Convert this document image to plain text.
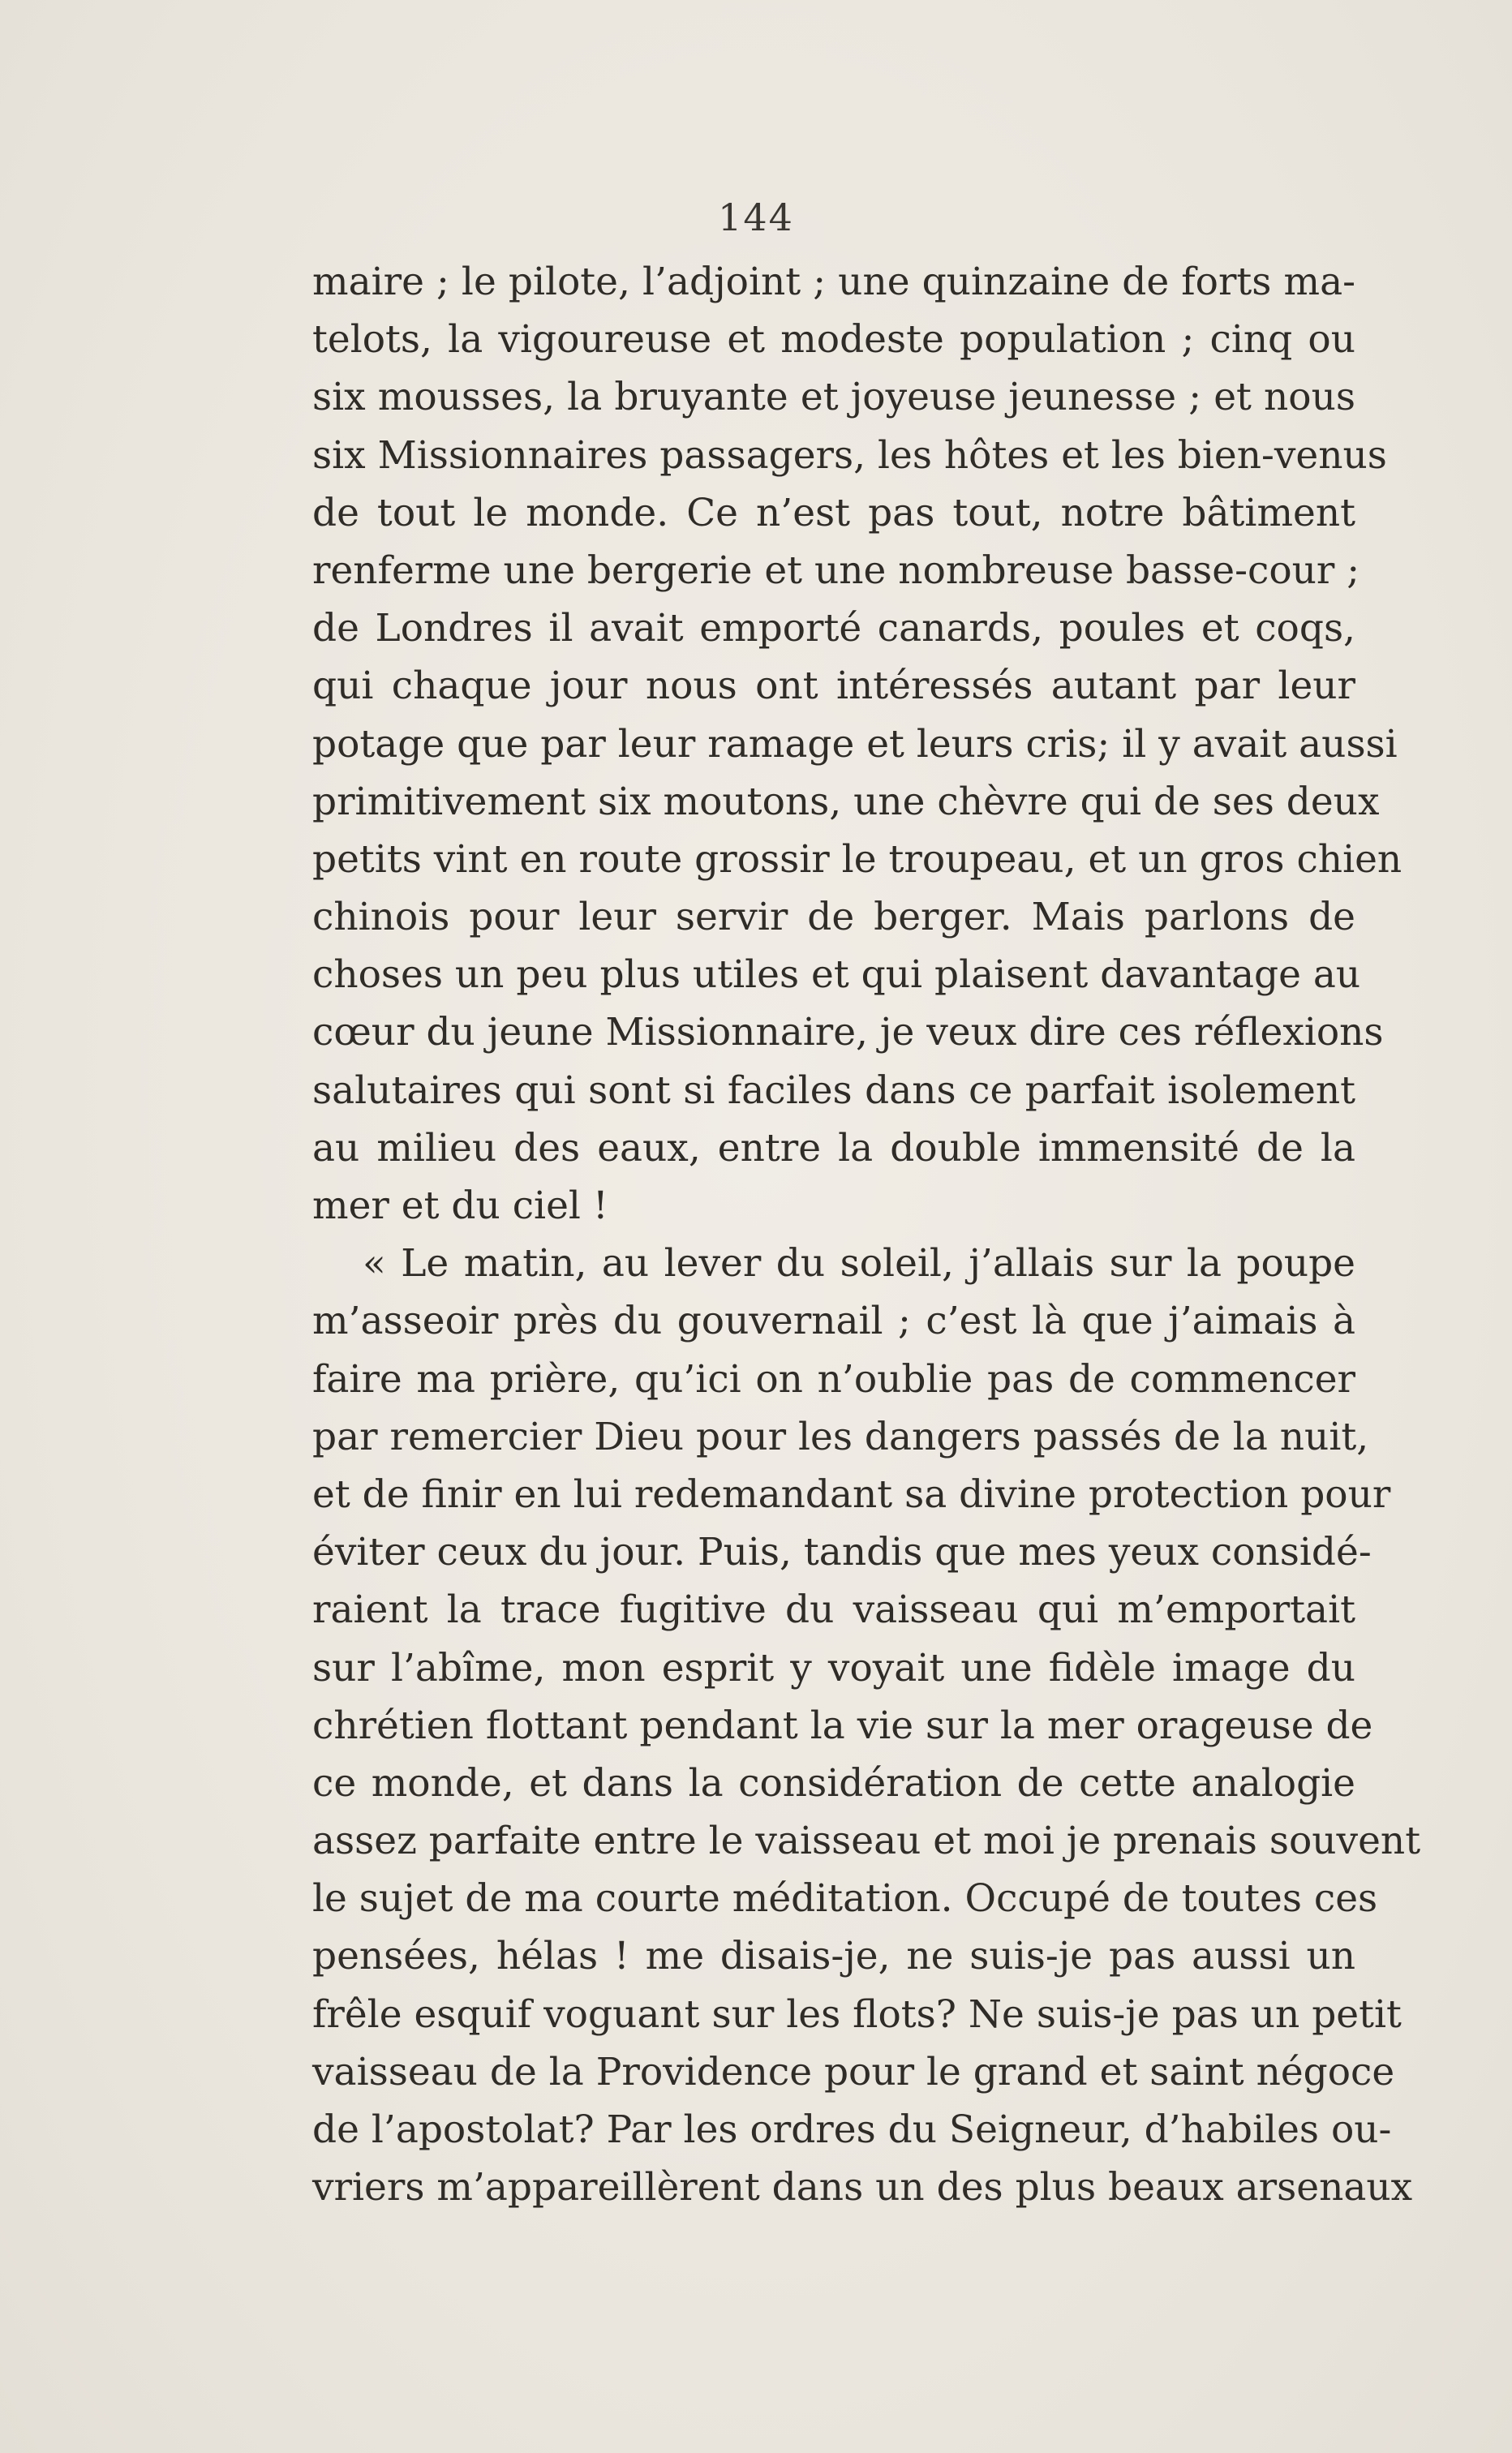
144
maire ; le pilote, l’adjoint ; une quinzaine de forts ma-
telots, la vigoureuse et modeste population ; cinq ou
six mousses, la bruyante et joyeuse jeunesse ; et nous
six Missionnaires passagers, les hôtes et les bien-venus
de tout le monde. Ce n’est pas tout, notre bâtiment
renferme une bergerie et une nombreuse basse-cour ;
de Londres il avait emporté canards, poules et coqs,
qui chaque jour nous ont intéressés autant par leur
potage que par leur ramage et leurs cris; il y avait aussi
primitivement six moutons, une chèvre qui de ses deux
petits vint en route grossir le troupeau, et un gros chien
chinois pour leur servir de berger. Mais parlons de
choses un peu plus utiles et qui plaisent davantage au
cœur du jeune Missionnaire, je veux dire ces réflexions
salutaires qui sont si faciles dans ce parfait isolement
au milieu des eaux, entre la double immensité de la
mer et du ciel !
« Le matin, au lever du soleil, j’allais sur la poupe
m’asseoir près du gouvernail ; c’est là que j’aimais à
faire ma prière, qu’ici on n’oublie pas de commencer
par remercier Dieu pour les dangers passés de la nuit,
et de finir en lui redemandant sa divine protection pour
éviter ceux du jour. Puis, tandis que mes yeux considé-
raient la trace fugitive du vaisseau qui m’emportait
sur l’abîme, mon esprit y voyait une fidèle image du
chrétien flottant pendant la vie sur la mer orageuse de
ce monde, et dans la considération de cette analogie
assez parfaite entre le vaisseau et moi je prenais souvent
le sujet de ma courte méditation. Occupé de toutes ces
pensées, hélas ! me disais-je, ne suis-je pas aussi un
frêle esquif voguant sur les flots? Ne suis-je pas un petit
vaisseau de la Providence pour le grand et saint négoce
de l’apostolat? Par les ordres du Seigneur, d’habiles ou-
vriers m’appareillèrent dans un des plus beaux arsenaux
